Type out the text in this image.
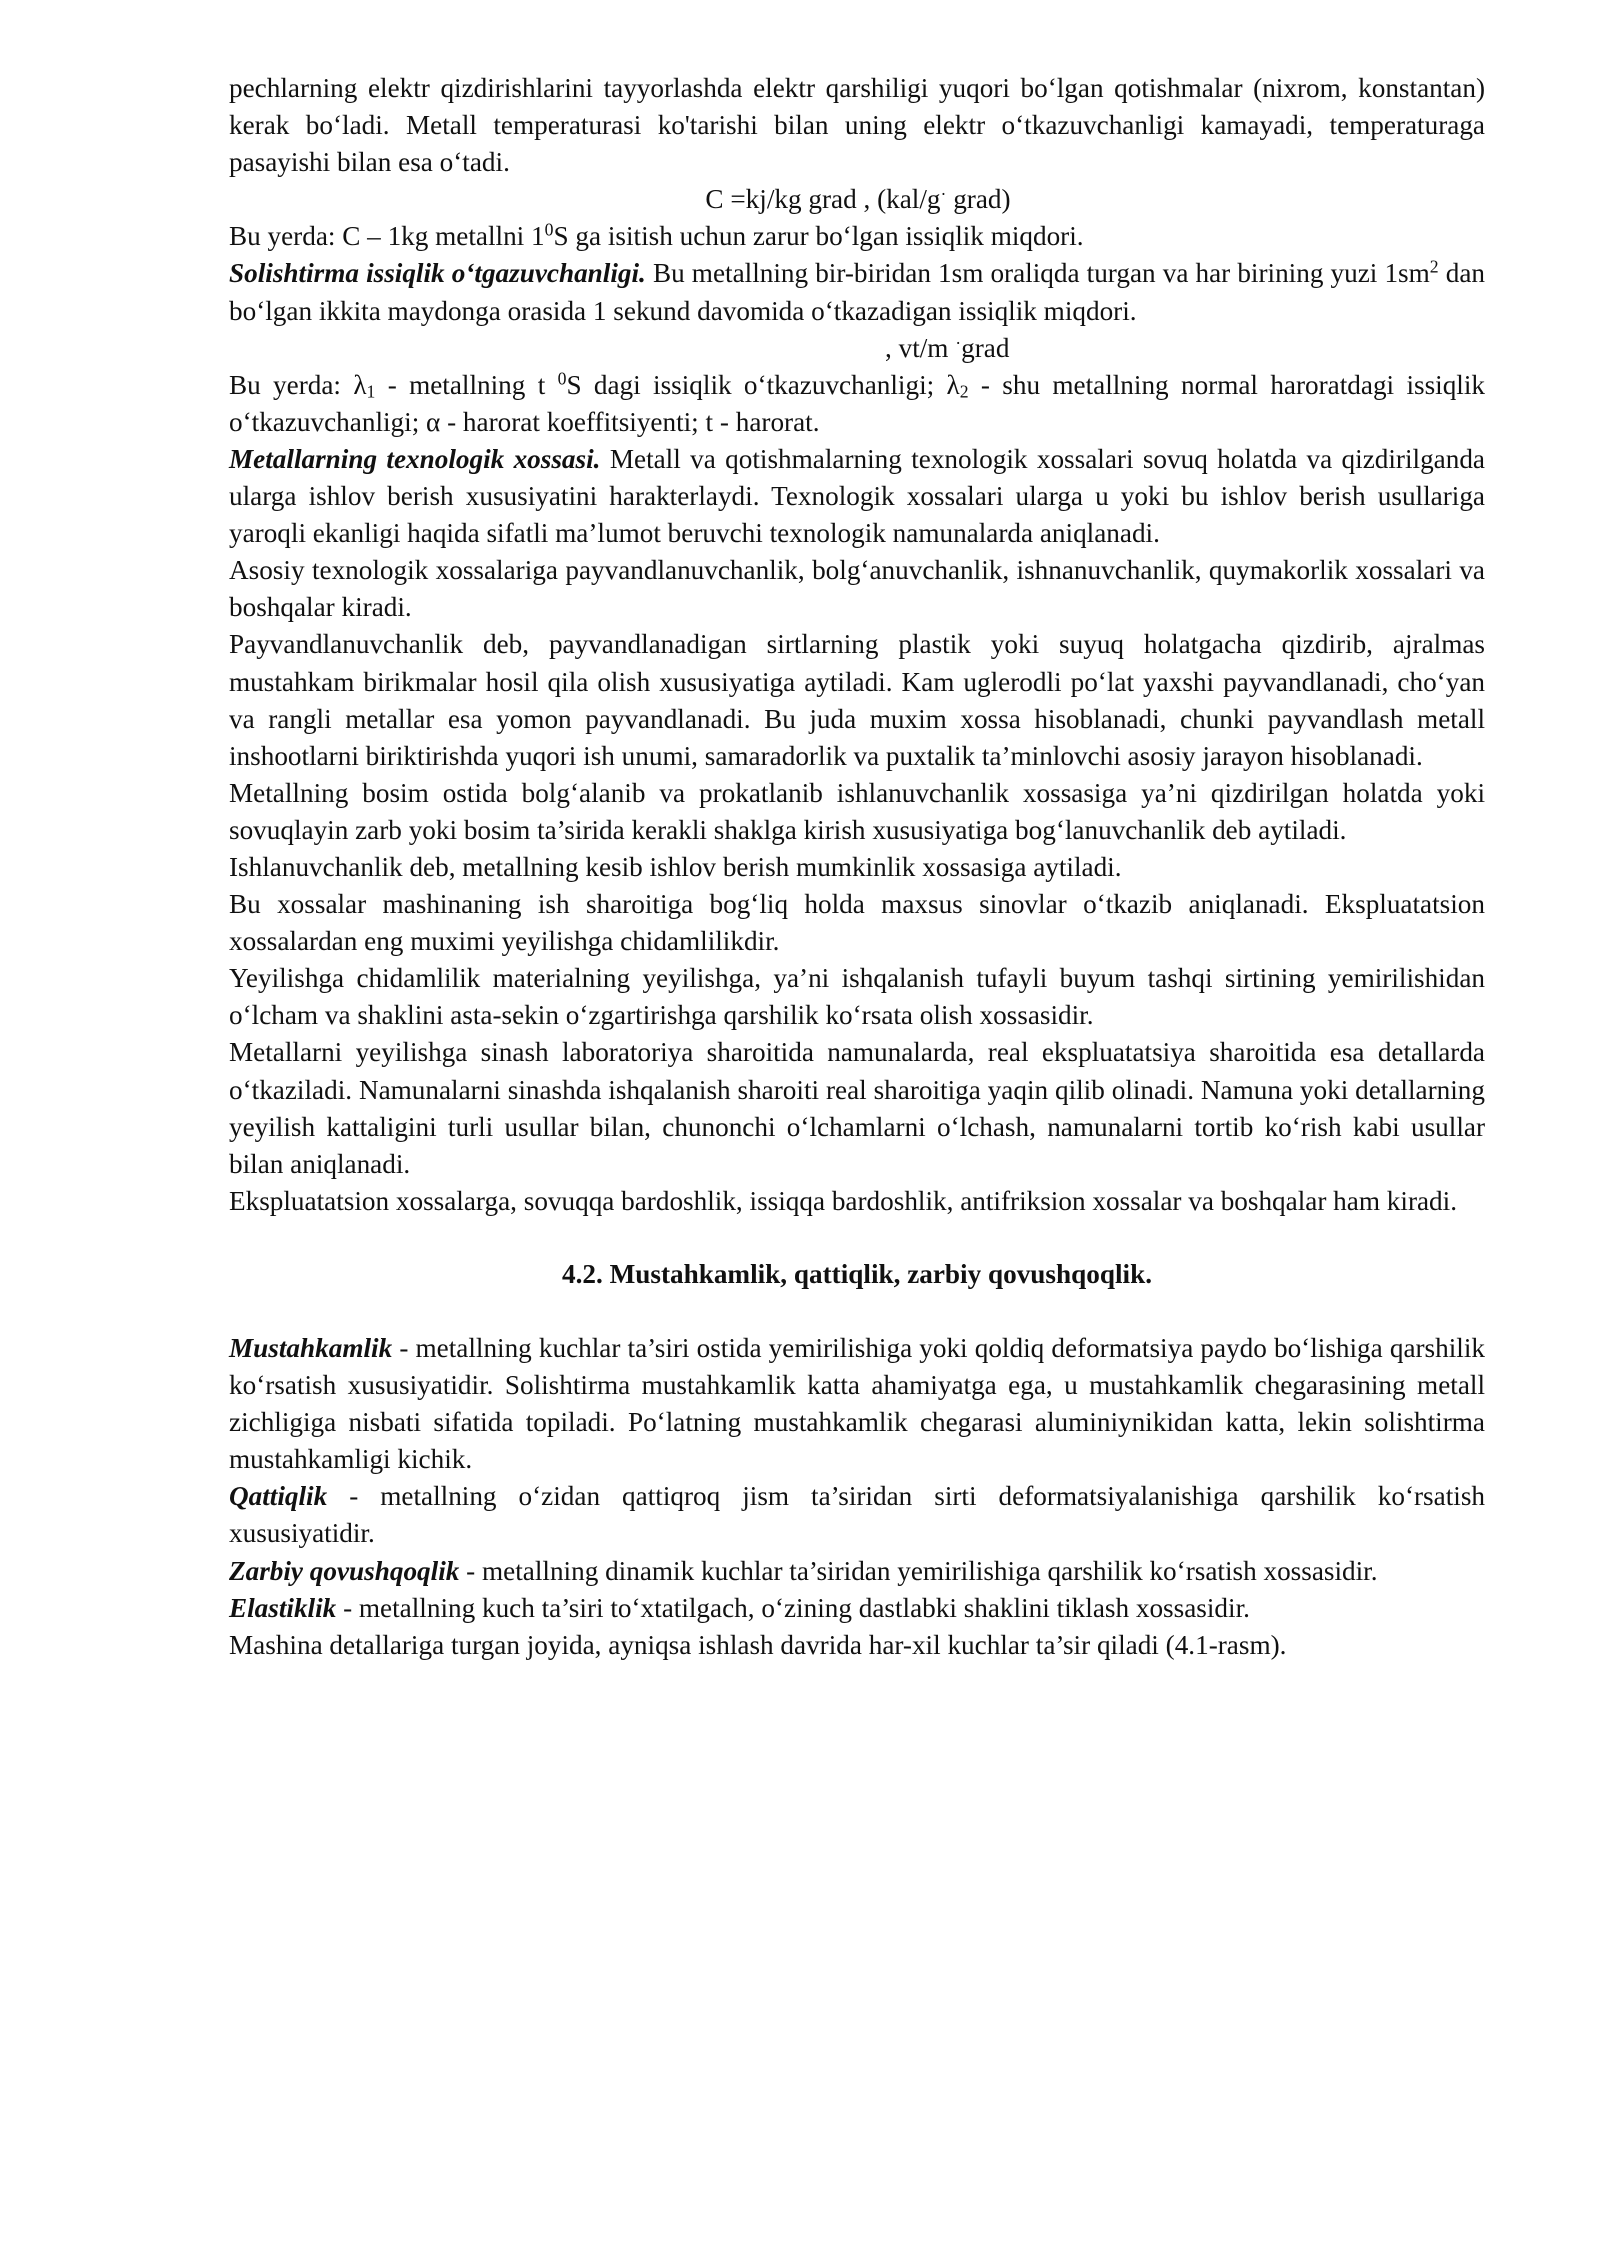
pechlarning elektr qizdirishlarini tayyorlashda elektr qarshiligi yuqori bo‘lgan qotishmalar (nixrom, konstantan) kerak bo‘ladi. Metall temperaturasi ko'tarishi bilan uning elektr o‘tkazuvchanligi kamayadi, temperaturaga pasayishi bilan esa o‘tadi.

C =kj/kg grad , (kal/g· grad)

Bu yerda: C – 1kg metallni $1^0S$ ga isitish uchun zarur bo‘lgan issiqlik miqdori.

Solishtirma issiqlik o‘tgazuvchanligi. Bu metallning bir-biridan 1sm oraliqda turgan va har birining yuzi $1sm^2$ dan bo‘lgan ikkita maydonga orasida 1 sekund davomida o‘tkazadigan issiqlik miqdori.

, vt/m ·grad

Bu yerda: $\lambda_1$ - metallning t $^0$S dagi issiqlik o‘tkazuvchanligi; $\lambda_2$ - shu metallning normal haroratdagi issiqlik o‘tkazuvchanligi; α - harorat koeffitsiyenti; t - harorat.

Metallarning texnologik xossasi. Metall va qotishmalarning texnologik xossalari sovuq holatda va qizdirilganda ularga ishlov berish xususiyatini harakterlaydi. Texnologik xossalari ularga u yoki bu ishlov berish usullariga yaroqli ekanligi haqida sifatli ma’lumot beruvchi texnologik namunalarda aniqlanadi.

Asosiy texnologik xossalariga payvandlanuvchanlik, bolg‘anuvchanlik, ishnanuvchanlik, quymakorlik xossalari va boshqalar kiradi.

Payvandlanuvchanlik deb, payvandlanadigan sirtlarning plastik yoki suyuq holatgacha qizdirib, ajralmas mustahkam birikmalar hosil qila olish xususiyatiga aytiladi. Kam uglerodli po‘lat yaxshi payvandlanadi, cho‘yan va rangli metallar esa yomon payvandlanadi. Bu juda muxim xossa hisoblanadi, chunki payvandlash metall inshootlarni biriktirishda yuqori ish unumi, samaradorlik va puxtalik ta’minlovchi asosiy jarayon hisoblanadi.

Metallning bosim ostida bolg‘alanib va prokatlanib ishlanuvchanlik xossasiga ya’ni qizdirilgan holatda yoki sovuqlayin zarb yoki bosim ta’sirida kerakli shaklga kirish xususiyatiga bog‘lanuvchanlik deb aytiladi.

Ishlanuvchanlik deb, metallning kesib ishlov berish mumkinlik xossasiga aytiladi.

Bu xossalar mashinaning ish sharoitiga bog‘liq holda maxsus sinovlar o‘tkazib aniqlanadi. Ekspluatatsion xossalardan eng muximi yeyilishga chidamlilikdir.

Yeyilishga chidamlilik materialning yeyilishga, ya’ni ishqalanish tufayli buyum tashqi sirtining yemirilishidan o‘lcham va shaklini asta-sekin o‘zgartirishga qarshilik ko‘rsata olish xossasidir.

Metallarni yeyilishga sinash laboratoriya sharoitida namunalarda, real ekspluatatsiya sharoitida esa detallarda o‘tkaziladi. Namunalarni sinashda ishqalanish sharoiti real sharoitiga yaqin qilib olinadi. Namuna yoki detallarning yeyilish kattaligini turli usullar bilan, chunonchi o‘lchamlarni o‘lchash, namunalarni tortib ko‘rish kabi usullar bilan aniqlanadi.

Ekspluatatsion xossalarga, sovuqqa bardoshlik, issiqqa bardoshlik, antifriksion xossalar va boshqalar ham kiradi.

4.2. Mustahkamlik, qattiqlik, zarbiy qovushqoqlik.

Mustahkamlik - metallning kuchlar ta’siri ostida yemirilishiga yoki qoldiq deformatsiya paydo bo‘lishiga qarshilik ko‘rsatish xususiyatidir. Solishtirma mustahkamlik katta ahamiyatga ega, u mustahkamlik chegarasining metall zichligiga nisbati sifatida topiladi. Po‘latning mustahkamlik chegarasi aluminiynikidan katta, lekin solishtirma mustahkamligi kichik.

Qattiqlik - metallning o‘zidan qattiqroq jism ta’siridan sirti deformatsiyalanishiga qarshilik ko‘rsatish xususiyatidir.

Zarbiy qovushqoqlik - metallning dinamik kuchlar ta’siridan yemirilishiga qarshilik ko‘rsatish xossasidir.

Elastiklik - metallning kuch ta’siri to‘xtatilgach, o‘zining dastlabki shaklini tiklash xossasidir.

Mashina detallariga turgan joyida, ayniqsa ishlash davrida har-xil kuchlar ta’sir qiladi (4.1-rasm).
